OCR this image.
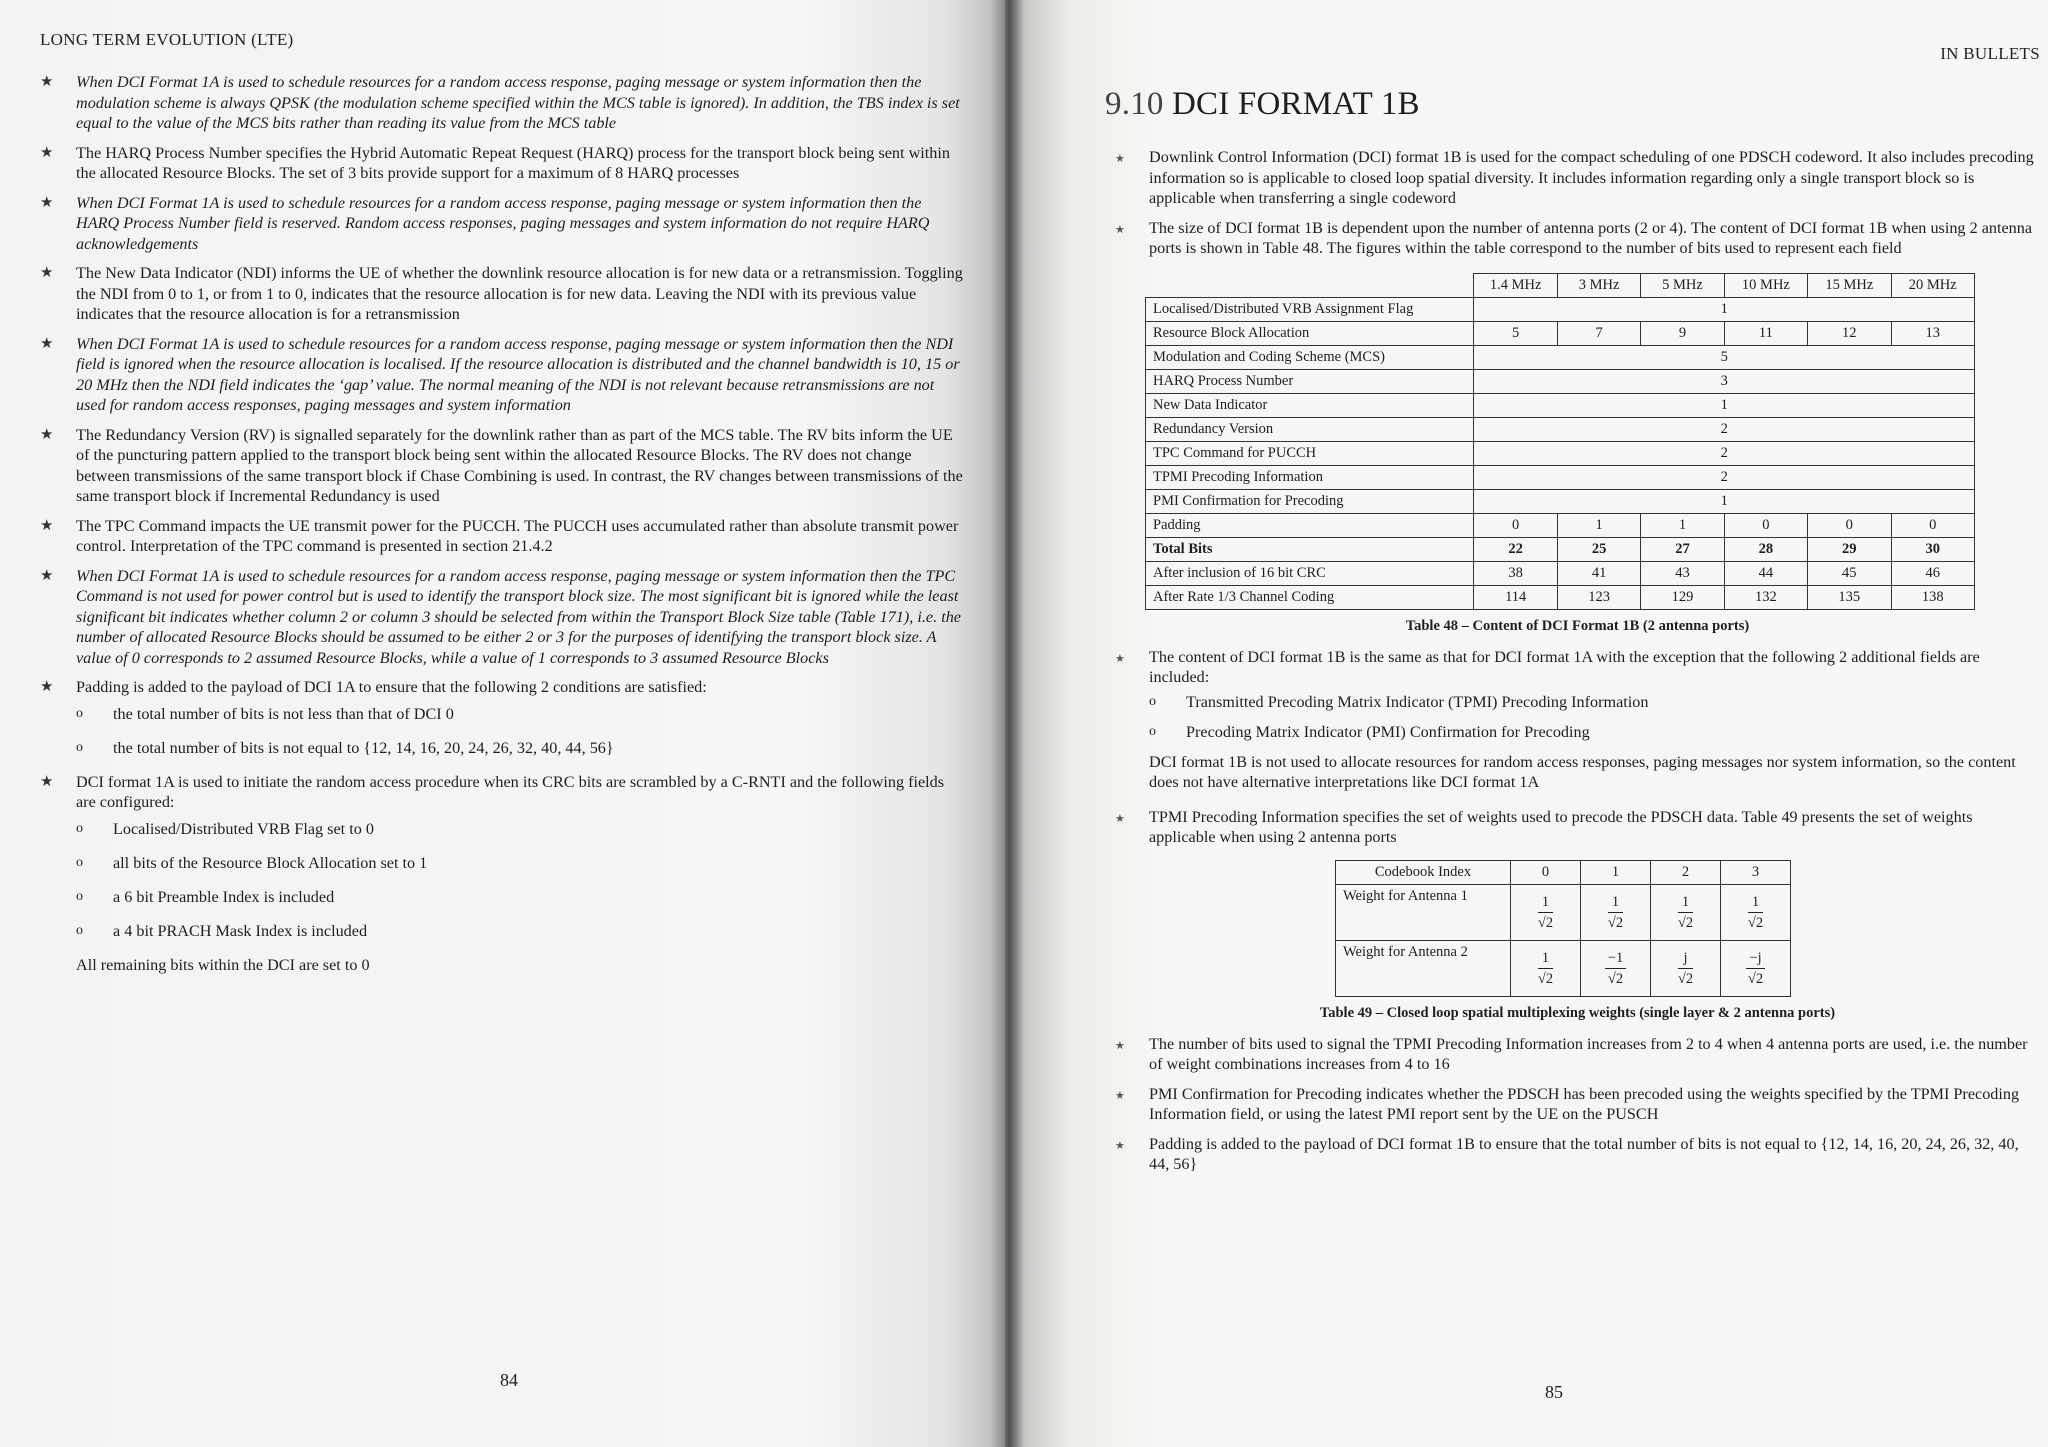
LONG TERM EVOLUTION (LTE)
★ When DCI Format 1A is used to schedule resources for a random access response, paging message or system information then the modulation scheme is always QPSK (the modulation scheme specified within the MCS table is ignored). In addition, the TBS index is set equal to the value of the MCS bits rather than reading its value from the MCS table
★ The HARQ Process Number specifies the Hybrid Automatic Repeat Request (HARQ) process for the transport block being sent within the allocated Resource Blocks. The set of 3 bits provide support for a maximum of 8 HARQ processes
★ When DCI Format 1A is used to schedule resources for a random access response, paging message or system information then the HARQ Process Number field is reserved. Random access responses, paging messages and system information do not require HARQ acknowledgements
★ The New Data Indicator (NDI) informs the UE of whether the downlink resource allocation is for new data or a retransmission. Toggling the NDI from 0 to 1, or from 1 to 0, indicates that the resource allocation is for new data. Leaving the NDI with its previous value indicates that the resource allocation is for a retransmission
★ When DCI Format 1A is used to schedule resources for a random access response, paging message or system information then the NDI field is ignored when the resource allocation is localised. If the resource allocation is distributed and the channel bandwidth is 10, 15 or 20 MHz then the NDI field indicates the ‘gap’ value. The normal meaning of the NDI is not relevant because retransmissions are not used for random access responses, paging messages and system information
★ The Redundancy Version (RV) is signalled separately for the downlink rather than as part of the MCS table. The RV bits inform the UE of the puncturing pattern applied to the transport block being sent within the allocated Resource Blocks. The RV does not change between transmissions of the same transport block if Chase Combining is used. In contrast, the RV changes between transmissions of the same transport block if Incremental Redundancy is used
★ The TPC Command impacts the UE transmit power for the PUCCH. The PUCCH uses accumulated rather than absolute transmit power control. Interpretation of the TPC command is presented in section 21.4.2
★ When DCI Format 1A is used to schedule resources for a random access response, paging message or system information then the TPC Command is not used for power control but is used to identify the transport block size. The most significant bit is ignored while the least significant bit indicates whether column 2 or column 3 should be selected from within the Transport Block Size table (Table 171), i.e. the number of allocated Resource Blocks should be assumed to be either 2 or 3 for the purposes of identifying the transport block size. A value of 0 corresponds to 2 assumed Resource Blocks, while a value of 1 corresponds to 3 assumed Resource Blocks
★ Padding is added to the payload of DCI 1A to ensure that the following 2 conditions are satisfied:
o the total number of bits is not less than that of DCI 0
o the total number of bits is not equal to {12, 14, 16, 20, 24, 26, 32, 40, 44, 56}
★ DCI format 1A is used to initiate the random access procedure when its CRC bits are scrambled by a C-RNTI and the following fields are configured:
o Localised/Distributed VRB Flag set to 0
o all bits of the Resource Block Allocation set to 1
o a 6 bit Preamble Index is included
o a 4 bit PRACH Mask Index is included

All remaining bits within the DCI are set to 0

84
IN BULLETS
9.10 DCI FORMAT 1B
★ Downlink Control Information (DCI) format 1B is used for the compact scheduling of one PDSCH codeword. It also includes precoding information so is applicable to closed loop spatial diversity. It includes information regarding only a single transport block so is applicable when transferring a single codeword
★ The size of DCI format 1B is dependent upon the number of antenna ports (2 or 4). The content of DCI format 1B when using 2 antenna ports is shown in Table 48. The figures within the table correspond to the number of bits used to represent each field
	1.4 MHz	3 MHz	5 MHz	10 MHz	15 MHz	20 MHz
Localised/Distributed VRB Assignment Flag	1					
Resource Block Allocation	5	7	9	11	12	13
Modulation and Coding Scheme (MCS)	5					
HARQ Process Number	3					
New Data Indicator	1					
Redundancy Version	2					
TPC Command for PUCCH	2					
TPMI Precoding Information	2					
PMI Confirmation for Precoding	1					
Padding	0	1	1	0	0	0
Total Bits	22	25	27	28	29	30
After inclusion of 16 bit CRC	38	41	43	44	45	46
After Rate 1/3 Channel Coding	114	123	129	132	135	138
Table 48 – Content of DCI Format 1B (2 antenna ports)
★ The content of DCI format 1B is the same as that for DCI format 1A with the exception that the following 2 additional fields are included:
o Transmitted Precoding Matrix Indicator (TPMI) Precoding Information
o Precoding Matrix Indicator (PMI) Confirmation for Precoding

DCI format 1B is not used to allocate resources for random access responses, paging messages nor system information, so the content does not have alternative interpretations like DCI format 1A

★ TPMI Precoding Information specifies the set of weights used to precode the PDSCH data. Table 49 presents the set of weights applicable when using 2 antenna ports
Codebook Index	0	1	2	3
Weight for Antenna 1	$\frac{1}{√2}$	$\frac{1}{√2}$	$\frac{1}{√2}$	$\frac{1}{√2}$

Weight for Antenna 2	$\frac{1}{√2}$	$\frac{-1}{√2}$	$\frac{j}{√2}$	$\frac{-j}{√2}$
Table 49 – Closed loop spatial multiplexing weights (single layer & 2 antenna ports)
★ The number of bits used to signal the TPMI Precoding Information increases from 2 to 4 when 4 antenna ports are used, i.e. the number of weight combinations increases from 4 to 16
★ PMI Confirmation for Precoding indicates whether the PDSCH has been precoded using the weights specified by the TPMI Precoding Information field, or using the latest PMI report sent by the UE on the PUSCH
★ Padding is added to the payload of DCI format 1B to ensure that the total number of bits is not equal to {12, 14, 16, 20, 24, 26, 32, 40, 44, 56}
85
